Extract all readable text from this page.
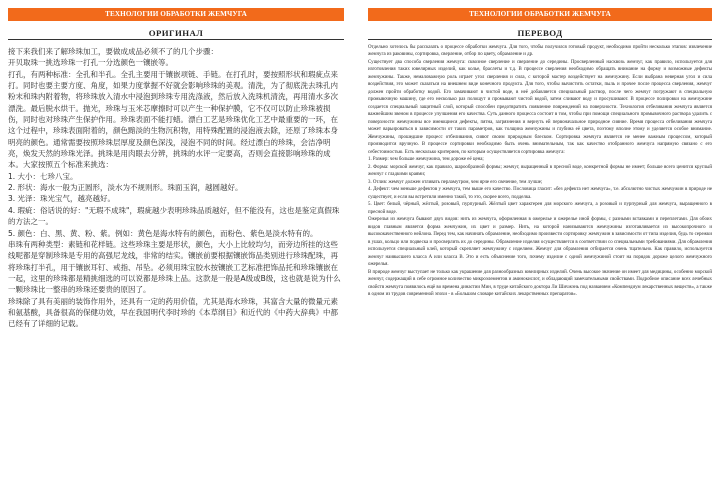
ТЕХНОЛОГИИ ОБРАБОТКИ ЖЕМЧУГА
ОРИГИНАЛ

接下来我们来了解珍珠加工，要做成成品必须不了的几个步骤：

开贝取珠一挑选珍珠一打孔一分选颜色一镶嵌等。

打孔，有两种标准：全孔和半孔。全孔主要用于镶嵌项链、手链。在打孔时，要按照形状和瑕疵点来打。同时也要主要方度、角度，如果力度掌握不好就会影响珍珠的美观。清洗，为了彻底洗去珠孔内粉末和珠内附着物，将珍珠放入清水中浸泡到珍珠专用洗涤液，然后放入洗珠机清洗，再用清水多次漂洗。最后脱水烘干。抛光，珍珠与玉米芯摩擦时可以产生一种保护膜，它不仅可以防止珍珠被损伤，同时也对珍珠产生保护作用。珍珠表面不能打蜡。漂白工艺是珍珠优化工艺中最重要的一环，在这个过程中，珍珠表面附着的，颜色黯淡的生物沉积物，用特殊配置的浸泡液去除，还原了珍珠本身明亮的颜色。通常需要按照珍珠层厚度及颜色深浅，浸泡不同的时间。经过漂白的珍珠，会洁净明亮，焕发天然的珍珠光泽。挑珠是用肉眼去分辨，挑珠的水评一定要高，否则会直接影响珍珠的成本。大家按照五个标准来挑选：

1. 大小：七珍八宝。

2. 形状：海水一般为正圆形，淡水为不规则形。珠面玉润，越圆越好。

3. 光泽：珠光宝气，越亮越好。

4. 瑕疵：俗话说的好："无瑕不成珠"，瑕疵越少表明珍珠品质越好，但不能没有，这也是鉴定真假珠的方法之一。

5. 颜色：白、黑、黄、粉、紫。例如：黄色是海水特有的颜色，而粉色、紫色是淡水特有的。

串珠有两种类型：素链和花样链。这些珍珠主要是形状，颜色，大小上比较均匀，而旁边所挂的这些线呢都是穿制珍珠是专用的高强尼龙线，非常的结实。镶嵌前要根据镶嵌饰品类别进行珍珠配珠，再将珍珠打半孔，用于镶嵌耳钉、戒指、吊坠。必须用珠宝胶水按镶嵌工艺标准把饰品托和珍珠镶嵌在一起，这里的珍珠都是精挑细选的可以说都是珍珠上品。这款是一般是A级或B级，这也就是说为什么一颗珍珠比一整串的珍珠还要贵的原因了。

珍珠除了具有美丽的装饰作用外，还具有一定的药用价值，尤其是海水珍珠，其富含大量的微量元素和氨基酸，具备很高的保健功效，早在我国明代李时珍的《本草纲目》和近代的《中药大辞典》中都已经有了详细的记载。

ТЕХНОЛОГИИ ОБРАБОТКИ ЖЕМЧУГА
ПЕРЕВОД

Отдельно хотелось бы рассказать о процессе обработки жемчуга. Для того, чтобы получился готовый продукт, необходимо пройти несколько этапов: извлечение жемчуга из раковины, сортировка, сверление, отбор по цвету, обрамление и др.

Существует два способа сверления жемчуга: сквозное сверление и сверление до середины. Просверленный насквозь жемчуг, как правило, используется для изготовления таких ювелирных изделий, как колье, браслеты и т.д. В процессе сверления необходимо обращать внимание на форму и возможные дефекты жемчужины. Также, немаловажную роль играет угол сверления и сила, с которой мастер воздействует на жемчужину. Если выбрана неверная угол и сила воздействия, это может сказаться на внешнем виде конечного продукта. Для того, чтобы вычистить остатки, пыль и прочее после процесса сверления, жемчуг должен пройти обработку водой. Его замачивают в чистой воде, в неё добавляется специальный раствор, после чего жемчуг погружают в специальную промывочную машину, где его несколько раз полощут и промывают чистой водой, затем сливают воду и просушивают. В процессе полировки на жемчужине создается специальный защитный слой, который способен предотвратить появление повреждений на поверхности. Технология отбеливания жемчуга является важнейшим звеном в процессе улучшения его качества. Суть данного процесса состоит в том, чтобы при помощи специального промывочного раствора удалить с поверхности жемчужины все имеющиеся дефекты, пятна, загрязнения и вернуть ей первоначальное природное сияние. Время процесса отбеливания жемчуга может варьироваться в зависимости от таких параметров, как толщина жемчужины и глубина её цвета, поэтому вполне этому и уделяется особое внимание. Жемчужины, прошедшие процесс отбеливания, сияют своим природным блеском. Сортировка жемчуга является не менее важным процессом, который производится вручную. В процессе сортировки необходимо быть очень внимательным, так как качество отобранного жемчуга напрямую связано с его себестоимостью. Есть несколько критериев, по которым осуществляется сортировка жемчуга:

1. Размер: чем больше жемчужина, тем дороже её цена;

2. Форма: морской жемчуг, как правило, шарообразной формы; жемчуг, выращенный в пресной воде, конкретной формы не имеет; больше всего ценится круглый жемчуг с гладкими краями;

3. Отлив: жемчуг должен отливать перламутром, чем ярче его свечение, тем лучше;

4. Дефект: чем меньше дефектов у жемчуга, тем выше его качество. Пословица гласит: «без дефекта нет жемчуга», т.е. абсолютно чистых жемчужин в природе не существует, и если вы встретили именно такой, то это, скорее всего, подделка.

5. Цвет: белый, чёрный, жёлтый, розовый, пурпурный. Жёлтый цвет характерен для морского жемчуга, а розовый и пурпурный для жемчуга, выращенного в пресной воде.

Ожерелья из жемчуга бывают двух видов: нить из жемчуга, оформленная в ожерелье и ожерелье иной формы, с разными вставками и переплетами. Для обоих видов главным является форма жемчужин, их цвет и размер. Нить, на которой нанизываются жемчужины изготавливается из высокопрочного и высококачественного нейлона. Перед тем, как начинать обрамление, необходимо произвести сортировку жемчужин в зависимости от типа изделия, будь то сережки в ушах, кольцо или подвеска и просверлить их до середины. Обрамление изделия осуществляется в соответствии со специальными требованиями. Для обрамления используется специальный клей, который скрепляет жемчужину с изделием. Жемчуг для обрамления отбирается очень тщательно. Как правило, используется жемчуг наивысшего класса A или класса B. Это и есть объяснение того, почему изделие с одной жемчужиной стоит на порядок дороже целого жемчужного ожерелья.

В природе жемчуг выступает не только как украшение для разнообразных ювелирных изделий. Очень высокое значение он имеет для медицины, особенно морской жемчуг, содержащий в себе огромное количество микроэлементов и аминокислот, и обладающий замечательными свойствами. Подробное описание всех лечебных свойств жемчуга появилось ещё во времена династии Мин, в труде китайского доктора Ли Шичжэнь под названием «Компендиум лекарственных веществ», а также в одном из трудов современной эпохи - в «Большом словаре китайских лекарственных препаратов».
